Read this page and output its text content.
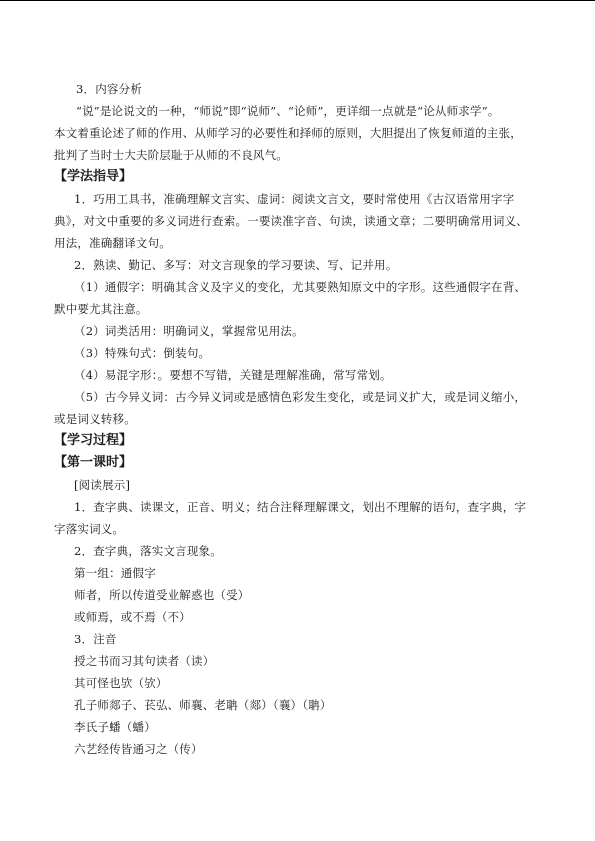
3．内容分析
“说”是论说文的一种，“师说”即“说师”、“论师”，更详细一点就是“论从师求学”。
本文着重论述了师的作用、从师学习的必要性和择师的原则，大胆提出了恢复师道的主张，
批判了当时士大夫阶层耻于从师的不良风气。
【学法指导】
1．巧用工具书，准确理解文言实、虚词：阅读文言文，要时常使用《古汉语常用字字
典》，对文中重要的多义词进行查索。一要读准字音、句读，读通文章；二要明确常用词义、
用法，准确翻译文句。
2．熟读、勤记、多写：对文言现象的学习要读、写、记并用。
（1）通假字：明确其含义及字义的变化，尤其要熟知原文中的字形。这些通假字在背、
默中要尤其注意。
（2）词类活用：明确词义，掌握常见用法。
（3）特殊句式：倒装句。
（4）易混字形：。要想不写错，关键是理解准确，常写常划。
（5）古今异义词：古今异义词或是感情色彩发生变化，或是词义扩大，或是词义缩小，
或是词义转移。
【学习过程】
【第一课时】
[阅读展示]
1．查字典、读课文，正音、明义；结合注释理解课文，划出不理解的语句，查字典，字
字落实词义。
2．查字典，落实文言现象。
第一组：通假字
师者，所以传道受业解惑也（受）
或师焉，或不焉（不）
3．注音
授之书而习其句读者（读）
其可怪也欤（欤）
孔子师郯子、苌弘、师襄、老聃（郯）（襄）（聃）
李氏子蟠（蟠）
六艺经传皆通习之（传）
